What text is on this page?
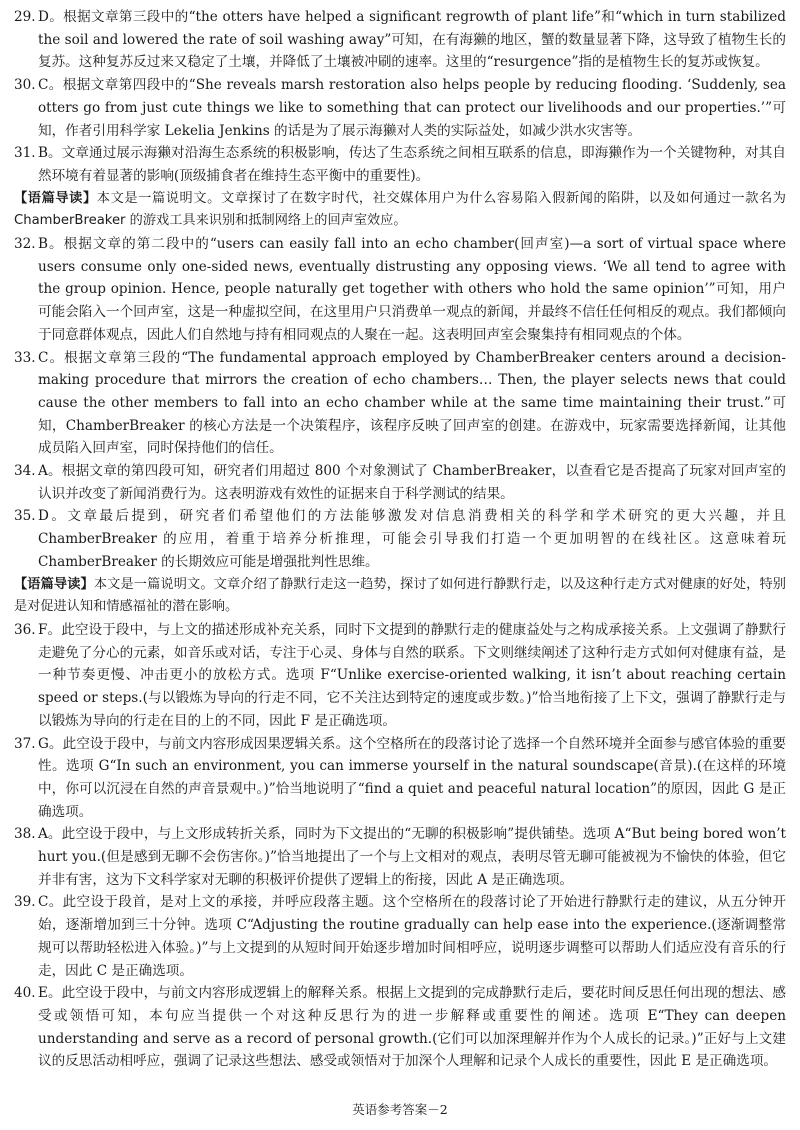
29. D。根据文章第三段中的“the otters have helped a significant regrowth of plant life”和“which in turn stabilized the soil and lowered the rate of soil washing away”可知，在有海獭的地区，蟹的数量显著下降，这导致了植物生长的复苏。这种复苏反过来又稳定了土壤，并降低了土壤被冲刷的速率。这里的“resurgence”指的是植物生长的复苏或恢复。
30. C。根据文章第四段中的“She reveals marsh restoration also helps people by reducing flooding. ‘Suddenly, sea otters go from just cute things we like to something that can protect our livelihoods and our properties.’”可知，作者引用科学家 Lekelia Jenkins 的话是为了展示海獭对人类的实际益处，如减少洪水灾害等。
31. B。文章通过展示海獭对沿海生态系统的积极影响，传达了生态系统之间相互联系的信息，即海獭作为一个关键物种，对其自然环境有着显著的影响(顶级捕食者在维持生态平衡中的重要性)。

【语篇导读】本文是一篇说明文。文章探讨了在数字时代，社交媒体用户为什么容易陷入假新闻的陷阱，以及如何通过一款名为 ChamberBreaker 的游戏工具来识别和抵制网络上的回声室效应。

32. B。根据文章的第二段中的“users can easily fall into an echo chamber(回声室)—a sort of virtual space where users consume only one-sided news, eventually distrusting any opposing views. ‘We all tend to agree with the group opinion. Hence, people naturally get together with others who hold the same opinion’”可知，用户可能会陷入一个回声室，这是一种虚拟空间，在这里用户只消费单一观点的新闻，并最终不信任任何相反的观点。我们都倾向于同意群体观点，因此人们自然地与持有相同观点的人聚在一起。这表明回声室会聚集持有相同观点的个体。
33. C。根据文章第三段的“The fundamental approach employed by ChamberBreaker centers around a decision-making procedure that mirrors the creation of echo chambers… Then, the player selects news that could cause the other members to fall into an echo chamber while at the same time maintaining their trust.”可知，ChamberBreaker 的核心方法是一个决策程序，该程序反映了回声室的创建。在游戏中，玩家需要选择新闻，让其他成员陷入回声室，同时保持他们的信任。
34. A。根据文章的第四段可知，研究者们用超过 800 个对象测试了 ChamberBreaker，以查看它是否提高了玩家对回声室的认识并改变了新闻消费行为。这表明游戏有效性的证据来自于科学测试的结果。
35. D。文章最后提到，研究者们希望他们的方法能够激发对信息消费相关的科学和学术研究的更大兴趣，并且 ChamberBreaker 的应用，着重于培养分析推理，可能会引导我们打造一个更加明智的在线社区。这意味着玩 ChamberBreaker 的长期效应可能是增强批判性思维。

【语篇导读】本文是一篇说明文。文章介绍了静默行走这一趋势，探讨了如何进行静默行走，以及这种行走方式对健康的好处，特别是对促进认知和情感福祉的潜在影响。

36. F。此空设于段中，与上文的描述形成补充关系，同时下文提到的静默行走的健康益处与之构成承接关系。上文强调了静默行走避免了分心的元素，如音乐或对话，专注于心灵、身体与自然的联系。下文则继续阐述了这种行走方式如何对健康有益，是一种节奏更慢、冲击更小的放松方式。选项 F“Unlike exercise-oriented walking, it isn’t about reaching certain speed or steps.(与以锻炼为导向的行走不同，它不关注达到特定的速度或步数。)”恰当地衔接了上下文，强调了静默行走与以锻炼为导向的行走在目的上的不同，因此 F 是正确选项。
37. G。此空设于段中，与前文内容形成因果逻辑关系。这个空格所在的段落讨论了选择一个自然环境并全面参与感官体验的重要性。选项 G“In such an environment, you can immerse yourself in the natural soundscape(音景).(在这样的环境中，你可以沉浸在自然的声音景观中。)”恰当地说明了“find a quiet and peaceful natural location”的原因，因此 G 是正确选项。
38. A。此空设于段中，与上文形成转折关系，同时为下文提出的“无聊的积极影响”提供铺垫。选项 A“But being bored won’t hurt you.(但是感到无聊不会伤害你。)”恰当地提出了一个与上文相对的观点，表明尽管无聊可能被视为不愉快的体验，但它并非有害，这为下文科学家对无聊的积极评价提供了逻辑上的衔接，因此 A 是正确选项。
39. C。此空设于段首，是对上文的承接，并呼应段落主题。这个空格所在的段落讨论了开始进行静默行走的建议，从五分钟开始，逐渐增加到三十分钟。选项 C“Adjusting the routine gradually can help ease into the experience.(逐渐调整常规可以帮助轻松进入体验。)”与上文提到的从短时间开始逐步增加时间相呼应，说明逐步调整可以帮助人们适应没有音乐的行走，因此 C 是正确选项。
40. E。此空设于段中，与前文内容形成逻辑上的解释关系。根据上文提到的完成静默行走后，要花时间反思任何出现的想法、感受或领悟可知，本句应当提供一个对这种反思行为的进一步解释或重要性的阐述。选项 E“They can deepen understanding and serve as a record of personal growth.(它们可以加深理解并作为个人成长的记录。)”正好与上文建议的反思活动相呼应，强调了记录这些想法、感受或领悟对于加深个人理解和记录个人成长的重要性，因此 E 是正确选项。
英语参考答案－2
